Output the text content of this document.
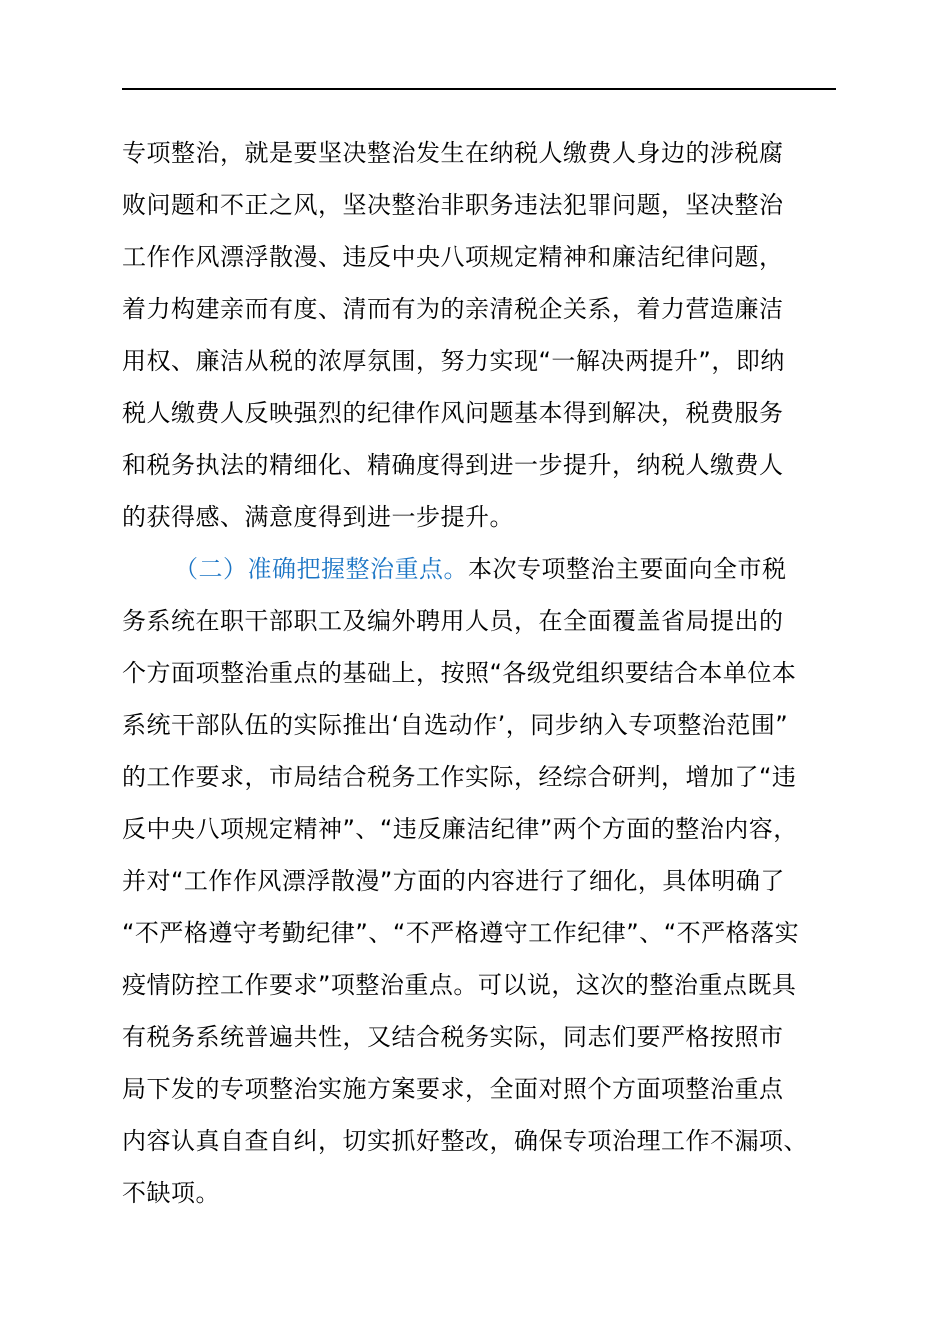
专项整治，就是要坚决整治发生在纳税人缴费人身边的涉税腐
败问题和不正之风，坚决整治非职务违法犯罪问题，坚决整治
工作作风漂浮散漫、违反中央八项规定精神和廉洁纪律问题，
着力构建亲而有度、清而有为的亲清税企关系，着力营造廉洁
用权、廉洁从税的浓厚氛围，努力实现“一解决两提升”，即纳
税人缴费人反映强烈的纪律作风问题基本得到解决，税费服务
和税务执法的精细化、精确度得到进一步提升，纳税人缴费人
的获得感、满意度得到进一步提升。
（二）准确把握整治重点。本次专项整治主要面向全市税
务系统在职干部职工及编外聘用人员，在全面覆盖省局提出的
个方面项整治重点的基础上，按照“各级党组织要结合本单位本
系统干部队伍的实际推出‘自选动作’，同步纳入专项整治范围”
的工作要求，市局结合税务工作实际，经综合研判，增加了“违
反中央八项规定精神”、“违反廉洁纪律”两个方面的整治内容，
并对“工作作风漂浮散漫”方面的内容进行了细化，具体明确了
“不严格遵守考勤纪律”、“不严格遵守工作纪律”、“不严格落实
疫情防控工作要求”项整治重点。可以说，这次的整治重点既具
有税务系统普遍共性，又结合税务实际，同志们要严格按照市
局下发的专项整治实施方案要求，全面对照个方面项整治重点
内容认真自查自纠，切实抓好整改，确保专项治理工作不漏项、
不缺项。
